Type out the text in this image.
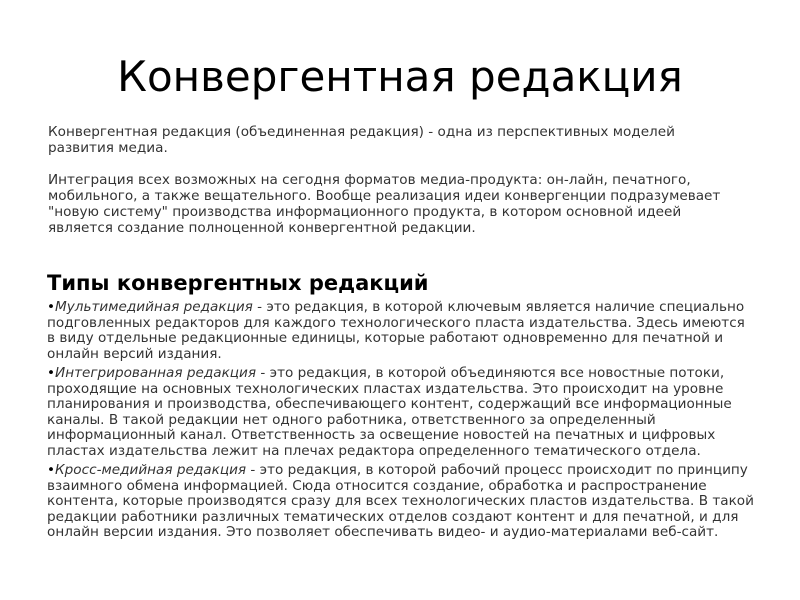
Конвергентная редакция

Конвергентная редакция (объединенная редакция) - одна из перспективных моделей развития медиа.

Интеграция всех возможных на сегодня форматов медиа-продукта: он-лайн, печатного, мобильного, а также вещательного. Вообще реализация идеи конвергенции подразумевает "новую систему" производства информационного продукта, в котором основной идеей является создание полноценной конвергентной редакции.

Типы конвергентных редакций
•Мультимедийная редакция - это редакция, в которой ключевым является наличие специально подговленных редакторов для каждого технологического пласта издательства. Здесь имеются в виду отдельные редакционные единицы, которые работают одновременно для печатной и онлайн версий издания.
•Интегрированная редакция - это редакция, в которой объединяются все новостные потоки, проходящие на основных технологических пластах издательства. Это происходит на уровне планирования и производства, обеспечивающего контент, содержащий все информационные каналы. В такой редакции нет одного работника, ответственного за определенный информационный канал. Ответственность за освещение новостей на печатных и цифровых пластах издательства лежит на плечах редактора определенного тематического отдела.
•Кросс-медийная редакция - это редакция, в которой рабочий процесс происходит по принципу взаимного обмена информацией. Сюда относится создание, обработка и распространение контента, которые производятся сразу для всех технологических пластов издательства. В такой редакции работники различных тематических отделов создают контент и для печатной, и для онлайн версии издания. Это позволяет обеспечивать видео- и аудио-материалами веб-сайт.
